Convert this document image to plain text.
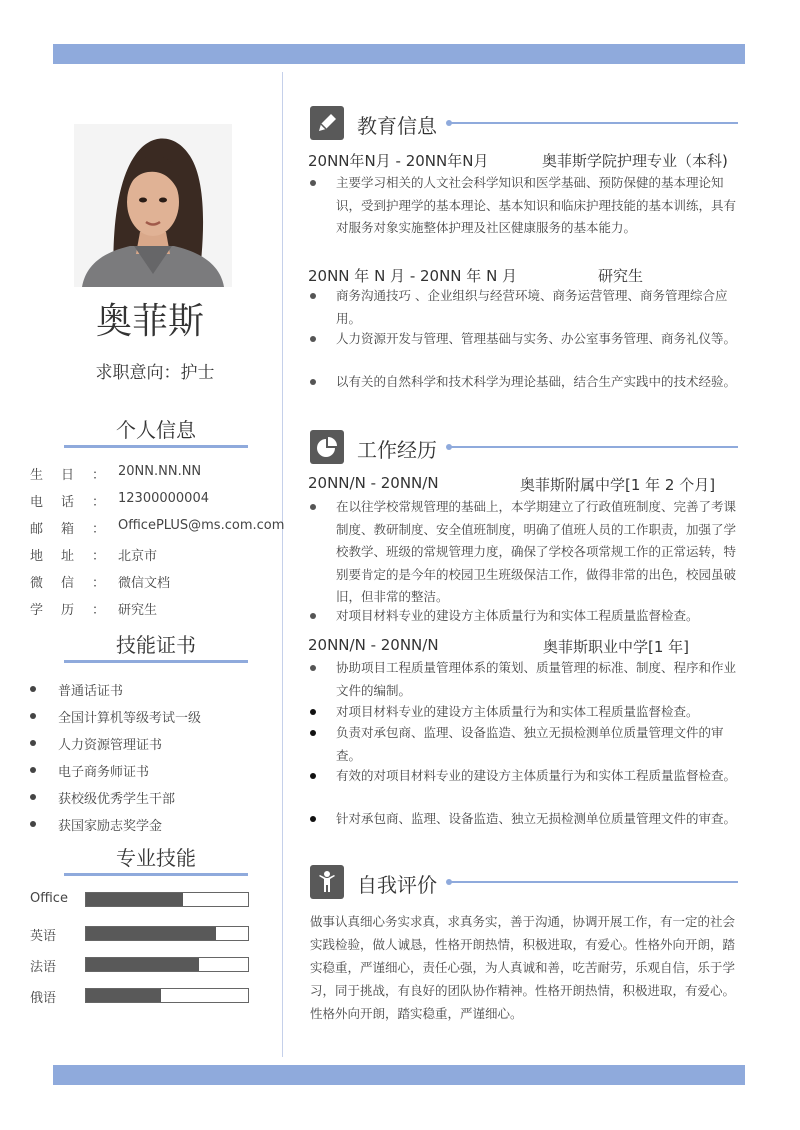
奥菲斯
求职意向：护士
个人信息
生日 ： 20NN.NN.NN
电话 ： 12300000004
邮箱 ： OfficePLUS@ms.com.com
地址 ： 北京市
微信 ： 微信文档
学历 ： 研究生
技能证书
普通话证书
全国计算机等级考试一级
人力资源管理证书
电子商务师证书
获校级优秀学生干部
获国家励志奖学金
专业技能
Office
英语
法语
俄语
教育信息
20NN年N月 - 20NN年N月	奥菲斯学院护理专业（本科)
主要学习相关的人文社会科学知识和医学基础、预防保健的基本理论知识，受到护理学的基本理论、基本知识和临床护理技能的基本训练，具有对服务对象实施整体护理及社区健康服务的基本能力。
20NN 年 N 月 - 20NN 年 N 月	研究生
商务沟通技巧 、企业组织与经营环境、商务运营管理、商务管理综合应用。
人力资源开发与管理、管理基础与实务、办公室事务管理、商务礼仪等。
以有关的自然科学和技术科学为理论基础，结合生产实践中的技术经验。
工作经历
20NN/N - 20NN/N	奥菲斯附属中学[1 年 2 个月]
在以往学校常规管理的基础上，本学期建立了行政值班制度、完善了考课制度、教研制度、安全值班制度，明确了值班人员的工作职责，加强了学校教学、班级的常规管理力度，确保了学校各项常规工作的正常运转，特别要肯定的是今年的校园卫生班级保洁工作，做得非常的出色，校园虽破旧，但非常的整洁。
对项目材料专业的建设方主体质量行为和实体工程质量监督检查。
20NN/N - 20NN/N	奥菲斯职业中学[1 年]
协助项目工程质量管理体系的策划、质量管理的标准、制度、程序和作业文件的编制。
对项目材料专业的建设方主体质量行为和实体工程质量监督检查。
负责对承包商、监理、设备监造、独立无损检测单位质量管理文件的审查。
有效的对项目材料专业的建设方主体质量行为和实体工程质量监督检查。
针对承包商、监理、设备监造、独立无损检测单位质量管理文件的审查。
自我评价
做事认真细心务实求真，求真务实，善于沟通，协调开展工作，有一定的社会实践检验，做人诚恳，性格开朗热情，积极进取，有爱心。性格外向开朗，踏实稳重，严谨细心，责任心强，为人真诚和善，吃苦耐劳，乐观自信，乐于学习，同于挑战，有良好的团队协作精神。性格开朗热情，积极进取，有爱心。性格外向开朗，踏实稳重，严谨细心。
